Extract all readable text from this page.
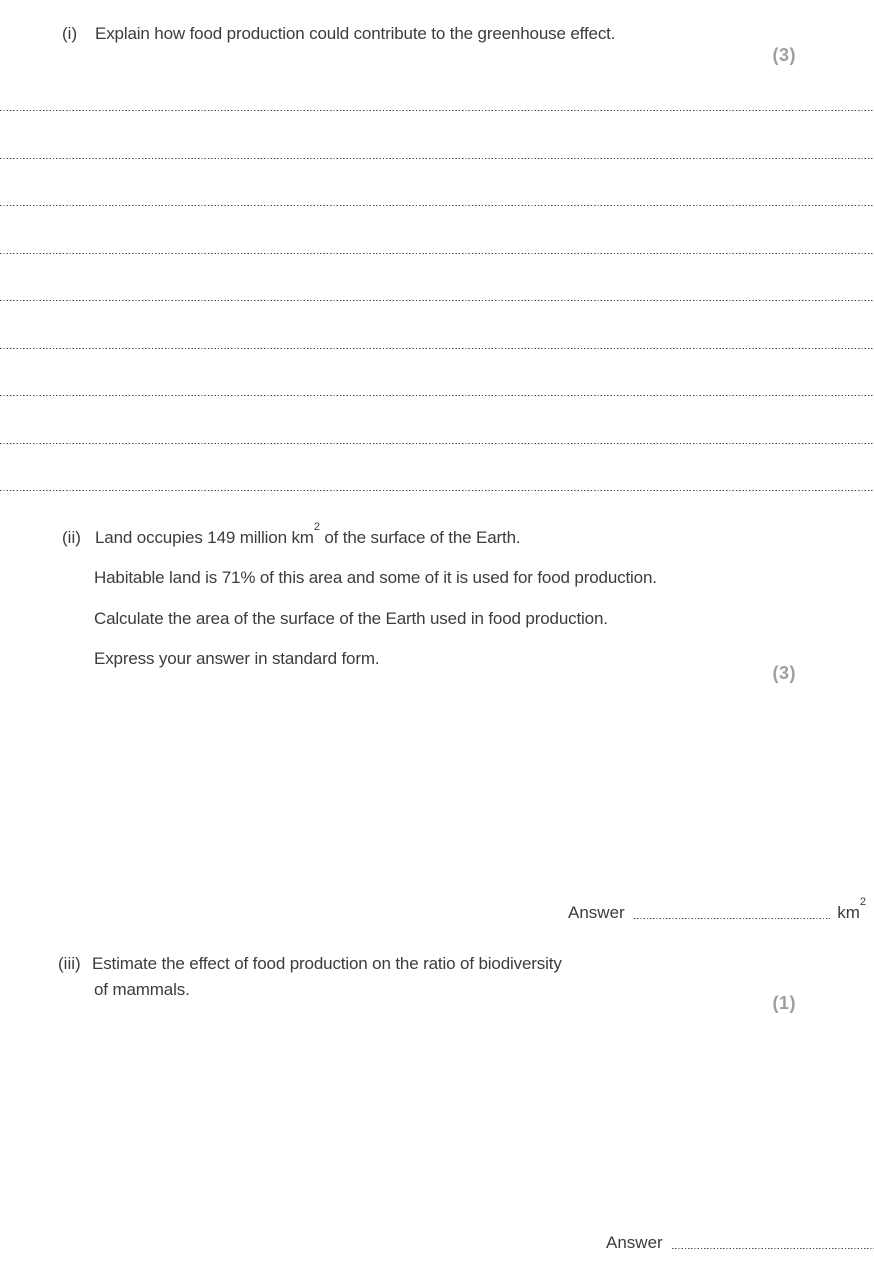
(i) Explain how food production could contribute to the greenhouse effect.
(3)
(ii) Land occupies 149 million $km^2$ of the surface of the Earth.
Habitable land is 71% of this area and some of it is used for food production.
Calculate the area of the surface of the Earth used in food production.
Express your answer in standard form.
(3)
Answer	$km^2$
(iii) Estimate the effect of food production on the ratio of biodiversity
of mammals.
(1)
Answer
